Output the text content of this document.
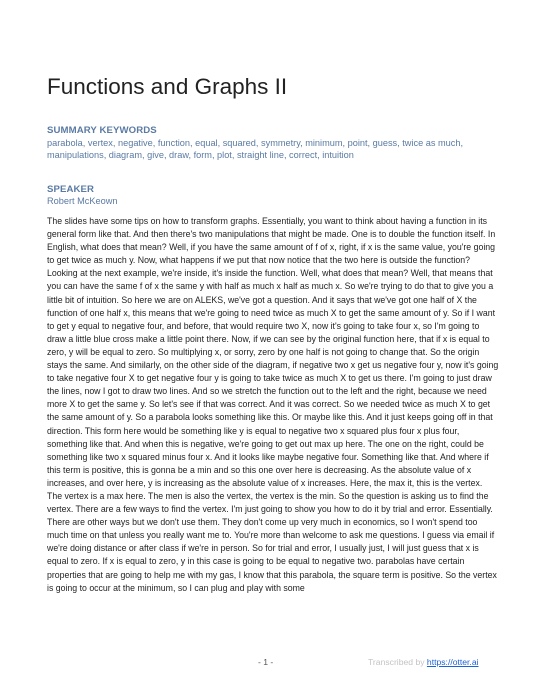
Functions and Graphs II
SUMMARY KEYWORDS

parabola, vertex, negative, function, equal, squared, symmetry, minimum, point, guess, twice as much, manipulations, diagram, give, draw, form, plot, straight line, correct, intuition

SPEAKER

Robert McKeown

The slides have some tips on how to transform graphs. Essentially, you want to think about having a function in its general form like that. And then there's two manipulations that might be made. One is to double the function itself. In English, what does that mean? Well, if you have the same amount of f of x, right, if x is the same value, you're going to get twice as much y. Now, what happens if we put that now notice that the two here is outside the function? Looking at the next example, we're inside, it's inside the function. Well, what does that mean? Well, that means that you can have the same f of x the same y with half as much x half as much x. So we're trying to do that to give you a little bit of intuition. So here we are on ALEKS, we've got a question. And it says that we've got one half of X the function of one half x, this means that we're going to need twice as much X to get the same amount of y. So if I want to get y equal to negative four, and before, that would require two X, now it's going to take four x, so I'm going to draw a little blue cross make a little point there. Now, if we can see by the original function here, that if x is equal to zero, y will be equal to zero. So multiplying x, or sorry, zero by one half is not going to change that. So the origin stays the same. And similarly, on the other side of the diagram, if negative two x get us negative four y, now it's going to take negative four X to get negative four y is going to take twice as much X to get us there. I'm going to just draw the lines, now I got to draw two lines. And so we stretch the function out to the left and the right, because we need more X to get the same y. So let's see if that was correct. And it was correct. So we needed twice as much X to get the same amount of y. So a parabola looks something like this. Or maybe like this. And it just keeps going off in that direction. This form here would be something like y is equal to negative two x squared plus four x plus four, something like that. And when this is negative, we're going to get out max up here. The one on the right, could be something like two x squared minus four x. And it looks like maybe negative four. Something like that. And where if this term is positive, this is gonna be a min and so this one over here is decreasing. As the absolute value of x increases, and over here, y is increasing as the absolute value of x increases. Here, the max it, this is the vertex. The vertex is a max here. The men is also the vertex, the vertex is the min. So the question is asking us to find the vertex. There are a few ways to find the vertex. I'm just going to show you how to do it by trial and error. Essentially. There are other ways but we don't use them. They don't come up very much in economics, so I won't spend too much time on that unless you really want me to. You're more than welcome to ask me questions. I guess via email if we're doing distance or after class if we're in person. So for trial and error, I usually just, I will just guess that x is equal to zero. If x is equal to zero, y in this case is going to be equal to negative two. parabolas have certain properties that are going to help me with my gas, I know that this parabola, the square term is positive. So the vertex is going to occur at the minimum, so I can plug and play with some

- 1 -	Transcribed by https://otter.ai
